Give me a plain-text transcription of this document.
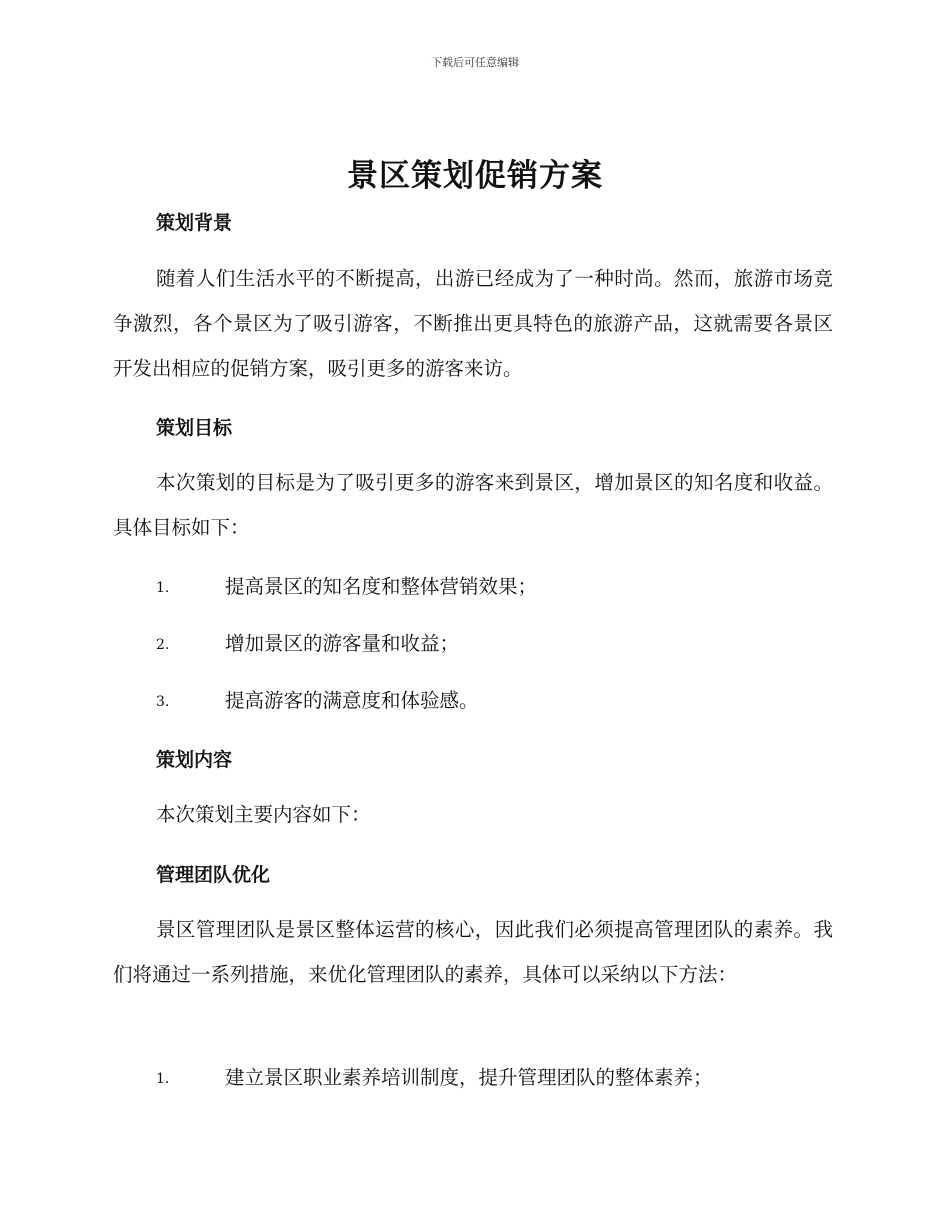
下载后可任意编辑
景区策划促销方案
策划背景

随着人们生活水平的不断提高，出游已经成为了一种时尚。然而，旅游市场竞争激烈，各个景区为了吸引游客，不断推出更具特色的旅游产品，这就需要各景区开发出相应的促销方案，吸引更多的游客来访。

策划目标

本次策划的目标是为了吸引更多的游客来到景区，增加景区的知名度和收益。具体目标如下：

1.	提高景区的知名度和整体营销效果；
2.	增加景区的游客量和收益；
3.	提高游客的满意度和体验感。
策划内容
本次策划主要内容如下：
管理团队优化

景区管理团队是景区整体运营的核心，因此我们必须提高管理团队的素养。我们将通过一系列措施，来优化管理团队的素养，具体可以采纳以下方法：

1.	建立景区职业素养培训制度，提升管理团队的整体素养；
